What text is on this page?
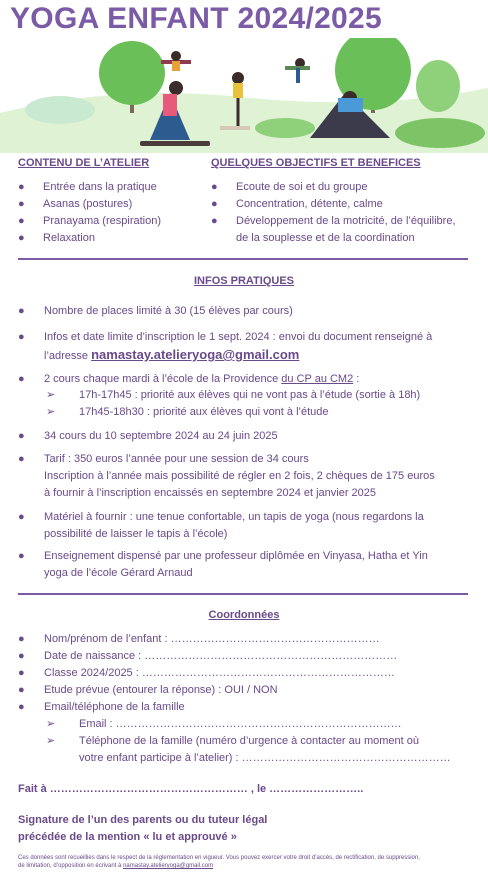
YOGA ENFANT 2024/2025
CONTENU DE L’ATELIER	QUELQUES OBJECTIFS ET BENEFICES
● Entrée dans la pratique
● Asanas (postures)
● Pranayama (respiration)
● Relaxation
● Ecoute de soi et du groupe
● Concentration, détente, calme
● Développement de la motricité, de l’équilibre,
de la souplesse et de la coordination
INFOS PRATIQUES
●	Nombre de places limité à 30 (15 élèves par cours)
●	Infos et date limite d’inscription le 1 sept. 2024 : envoi du document renseigné à
l’adresse namastay.atelieryoga@gmail.com
●	2 cours chaque mardi à l’école de la Providence du CP au CM2 :
➢	17h-17h45 : priorité aux élèves qui ne vont pas à l’étude (sortie à 18h)
➢	17h45-18h30 : priorité aux élèves qui vont à l’étude
●	34 cours du 10 septembre 2024 au 24 juin 2025
●	Tarif : 350 euros l’année pour une session de 34 cours
Inscription à l’année mais possibilité de régler en 2 fois, 2 chèques de 175 euros
à fournir à l’inscription encaissés en septembre 2024 et janvier 2025
●	Matériel à fournir : une tenue confortable, un tapis de yoga (nous regardons la
possibilité de laisser le tapis à l’école)
●	Enseignement dispensé par une professeur diplômée en Vinyasa, Hatha et Yin
yoga de l’école Gérard Arnaud
Coordonnées
●	Nom/prénom de l’enfant : …………………………………………………
●	Date de naissance : ……………………………………………………………
●	Classe 2024/2025 : ……………………………………………………………
●	Etude prévue (entourer la réponse) : OUI / NON
●	Email/téléphone de la famille
➢	Email : ……………………………………………………………………
➢	Téléphone de la famille (numéro d’urgence à contacter au moment où
votre enfant participe à l’atelier) : …………………………………………………
Fait à ……………………………………………… , le ……………………..
Signature de l’un des parents ou du tuteur légal
précédée de la mention « lu et approuvé »
Ces données sont recueillies dans le respect de la réglementation en vigueur. Vous pouvez exercer votre droit d’accès, de rectification, de suppression,
de limitation, d’opposition en écrivant à namastay.atelieryoga@gmail.com
